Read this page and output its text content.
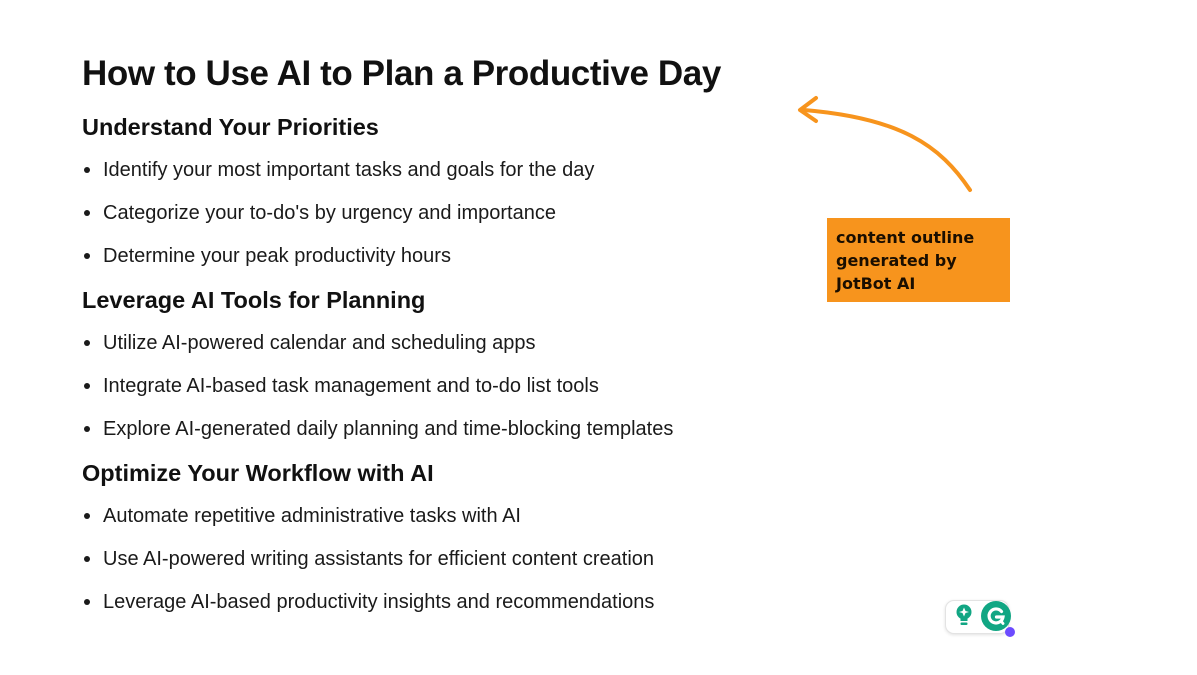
How to Use AI to Plan a Productive Day
Understand Your Priorities
Identify your most important tasks and goals for the day
Categorize your to-do's by urgency and importance
Determine your peak productivity hours
Leverage AI Tools for Planning
Utilize AI-powered calendar and scheduling apps
Integrate AI-based task management and to-do list tools
Explore AI-generated daily planning and time-blocking templates
Optimize Your Workflow with AI
Automate repetitive administrative tasks with AI
Use AI-powered writing assistants for efficient content creation
Leverage AI-based productivity insights and recommendations
content outline
generated by
JotBot AI
